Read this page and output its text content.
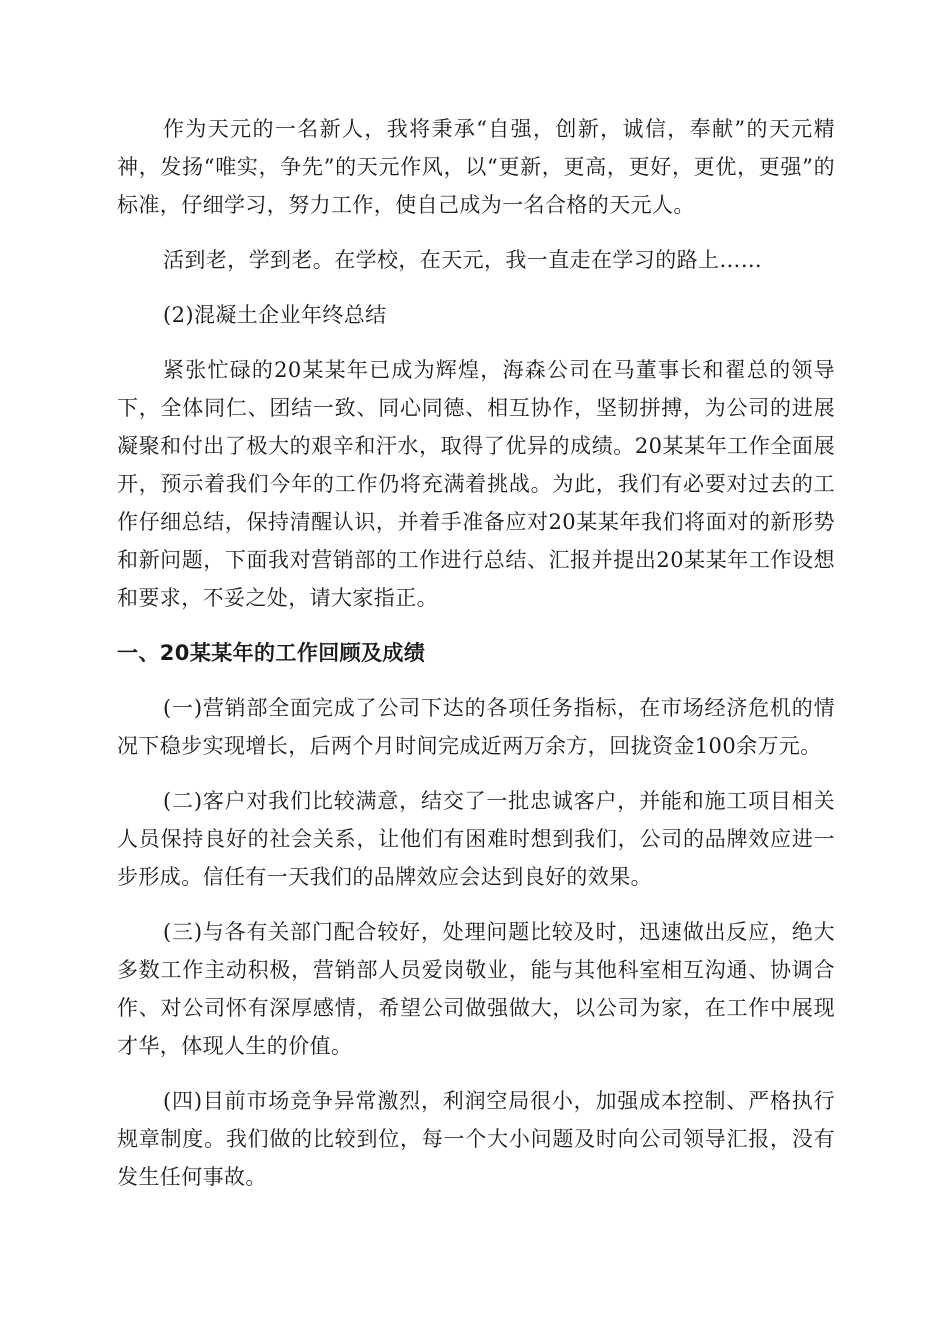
作为天元的一名新人，我将秉承“自强，创新，诚信，奉献”的天元精神，发扬“唯实，争先”的天元作风，以“更新，更高，更好，更优，更强”的标准，仔细学习，努力工作，使自己成为一名合格的天元人。

活到老，学到老。在学校，在天元，我一直走在学习的路上……

(2)混凝土企业年终总结

紧张忙碌的20某某年已成为辉煌，海森公司在马董事长和翟总的领导下，全体同仁、团结一致、同心同德、相互协作，坚韧拼搏，为公司的进展凝聚和付出了极大的艰辛和汗水，取得了优异的成绩。20某某年工作全面展开，预示着我们今年的工作仍将充满着挑战。为此，我们有必要对过去的工作仔细总结，保持清醒认识，并着手准备应对20某某年我们将面对的新形势和新问题，下面我对营销部的工作进行总结、汇报并提出20某某年工作设想和要求，不妥之处，请大家指正。

一、20某某年的工作回顾及成绩

(一)营销部全面完成了公司下达的各项任务指标，在市场经济危机的情况下稳步实现增长，后两个月时间完成近两万余方，回拢资金100余万元。

(二)客户对我们比较满意，结交了一批忠诚客户，并能和施工项目相关人员保持良好的社会关系，让他们有困难时想到我们，公司的品牌效应进一步形成。信任有一天我们的品牌效应会达到良好的效果。

(三)与各有关部门配合较好，处理问题比较及时，迅速做出反应，绝大多数工作主动积极，营销部人员爱岗敬业，能与其他科室相互沟通、协调合作、对公司怀有深厚感情，希望公司做强做大，以公司为家，在工作中展现才华，体现人生的价值。

(四)目前市场竞争异常激烈，利润空局很小，加强成本控制、严格执行规章制度。我们做的比较到位，每一个大小问题及时向公司领导汇报，没有发生任何事故。
